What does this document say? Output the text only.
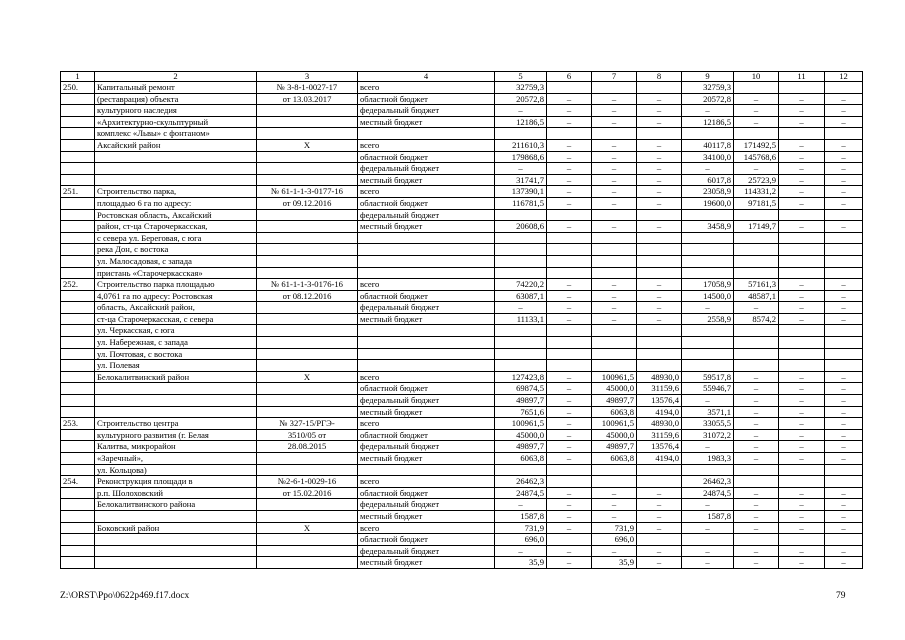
1	2	3	4	5	6	7	8	9	10	11	12
250.	Капитальный ремонт	№ 3-8-1-0027-17	всего	32759,3				32759,3			
	(реставрация) объекта	от 13.03.2017	областной бюджет	20572,8	–	–	–	20572,8	–	–	–
	культурного наследия		федеральный бюджет	–	–	–	–	–	–	–	–
	«Архитектурно-скульптурный		местный бюджет	12186,5	–	–	–	12186,5	–	–	–
	комплекс «Львы» с фонтаном»										
	Аксайский район	Х	всего	211610,3	–	–	–	40117,8	171492,5	–	–
			областной бюджет	179868,6	–	–	–	34100,0	145768,6	–	–
			федеральный бюджет	–	–	–	–	–	–	–	–
			местный бюджет	31741,7	–	–	–	6017,8	25723,9	–	–
251.	Строительство парка,	№ 61-1-1-3-0177-16	всего	137390,1	–	–	–	23058,9	114331,2	–	–
	площадью 6 га по адресу:	от 09.12.2016	областной бюджет	116781,5	–	–	–	19600,0	97181,5	–	–
	Ростовская область, Аксайский		федеральный бюджет								
	район, ст-ца Старочеркасская,		местный бюджет	20608,6	–	–	–	3458,9	17149,7	–	–
	с севера ул. Береговая, с юга										
	река Дон, с востока										
	ул. Малосадовая, с запада										
	пристань «Старочеркасская»										
252.	Строительство парка площадью	№ 61-1-1-3-0176-16	всего	74220,2	–	–	–	17058,9	57161,3	–	–
	4,0761 га по адресу: Ростовская	от 08.12.2016	областной бюджет	63087,1	–	–	–	14500,0	48587,1	–	–
	область, Аксайский район,		федеральный бюджет	–	–	–	–	–	–	–	–
	ст-ца Старочеркасская, с севера		местный бюджет	11133,1	–	–	–	2558,9	8574,2	–	–
	ул. Черкасская, с юга										
	ул. Набережная, с запада										
	ул. Почтовая, с востока										
	ул. Полевая										
	Белокалитвинский район	Х	всего	127423,8	–	100961,5	48930,0	59517,8	–	–	–
			областной бюджет	69874,5	–	45000,0	31159,6	55946,7	–	–	–
			федеральный бюджет	49897,7	–	49897,7	13576,4	–	–	–	–
			местный бюджет	7651,6	–	6063,8	4194,0	3571,1	–	–	–
253.	Строительство центра	№ 327-15/РГЭ-	всего	100961,5	–	100961,5	48930,0	33055,5	–	–	–
	культурного развития (г. Белая	3510/05 от	областной бюджет	45000,0	–	45000,0	31159,6	31072,2	–	–	–
	Калитва, микрорайон	28.08.2015	федеральный бюджет	49897,7	–	49897,7	13576,4	–	–	–	–
	«Заречный»,		местный бюджет	6063,8	–	6063,8	4194,0	1983,3	–	–	–
	ул. Кольцова)										
254.	Реконструкция площади в	№2-6-1-0029-16	всего	26462,3				26462,3			
	р.п. Шолоховский	от 15.02.2016	областной бюджет	24874,5	–	–	–	24874,5	–	–	–
	Белокалитвинского района		федеральный бюджет	–	–	–	–	–	–	–	–
			местный бюджет	1587,8	–	–	–	1587,8	–	–	–
	Боковский район	Х	всего	731,9	–	731,9	–	–	–	–	–
			областной бюджет	696,0		696,0					
			федеральный бюджет	–	–	–	–	–	–	–	–
			местный бюджет	35,9	–	35,9	–	–	–	–	–
Z:\ORST\Ppo\0622p469.f17.docx	79
